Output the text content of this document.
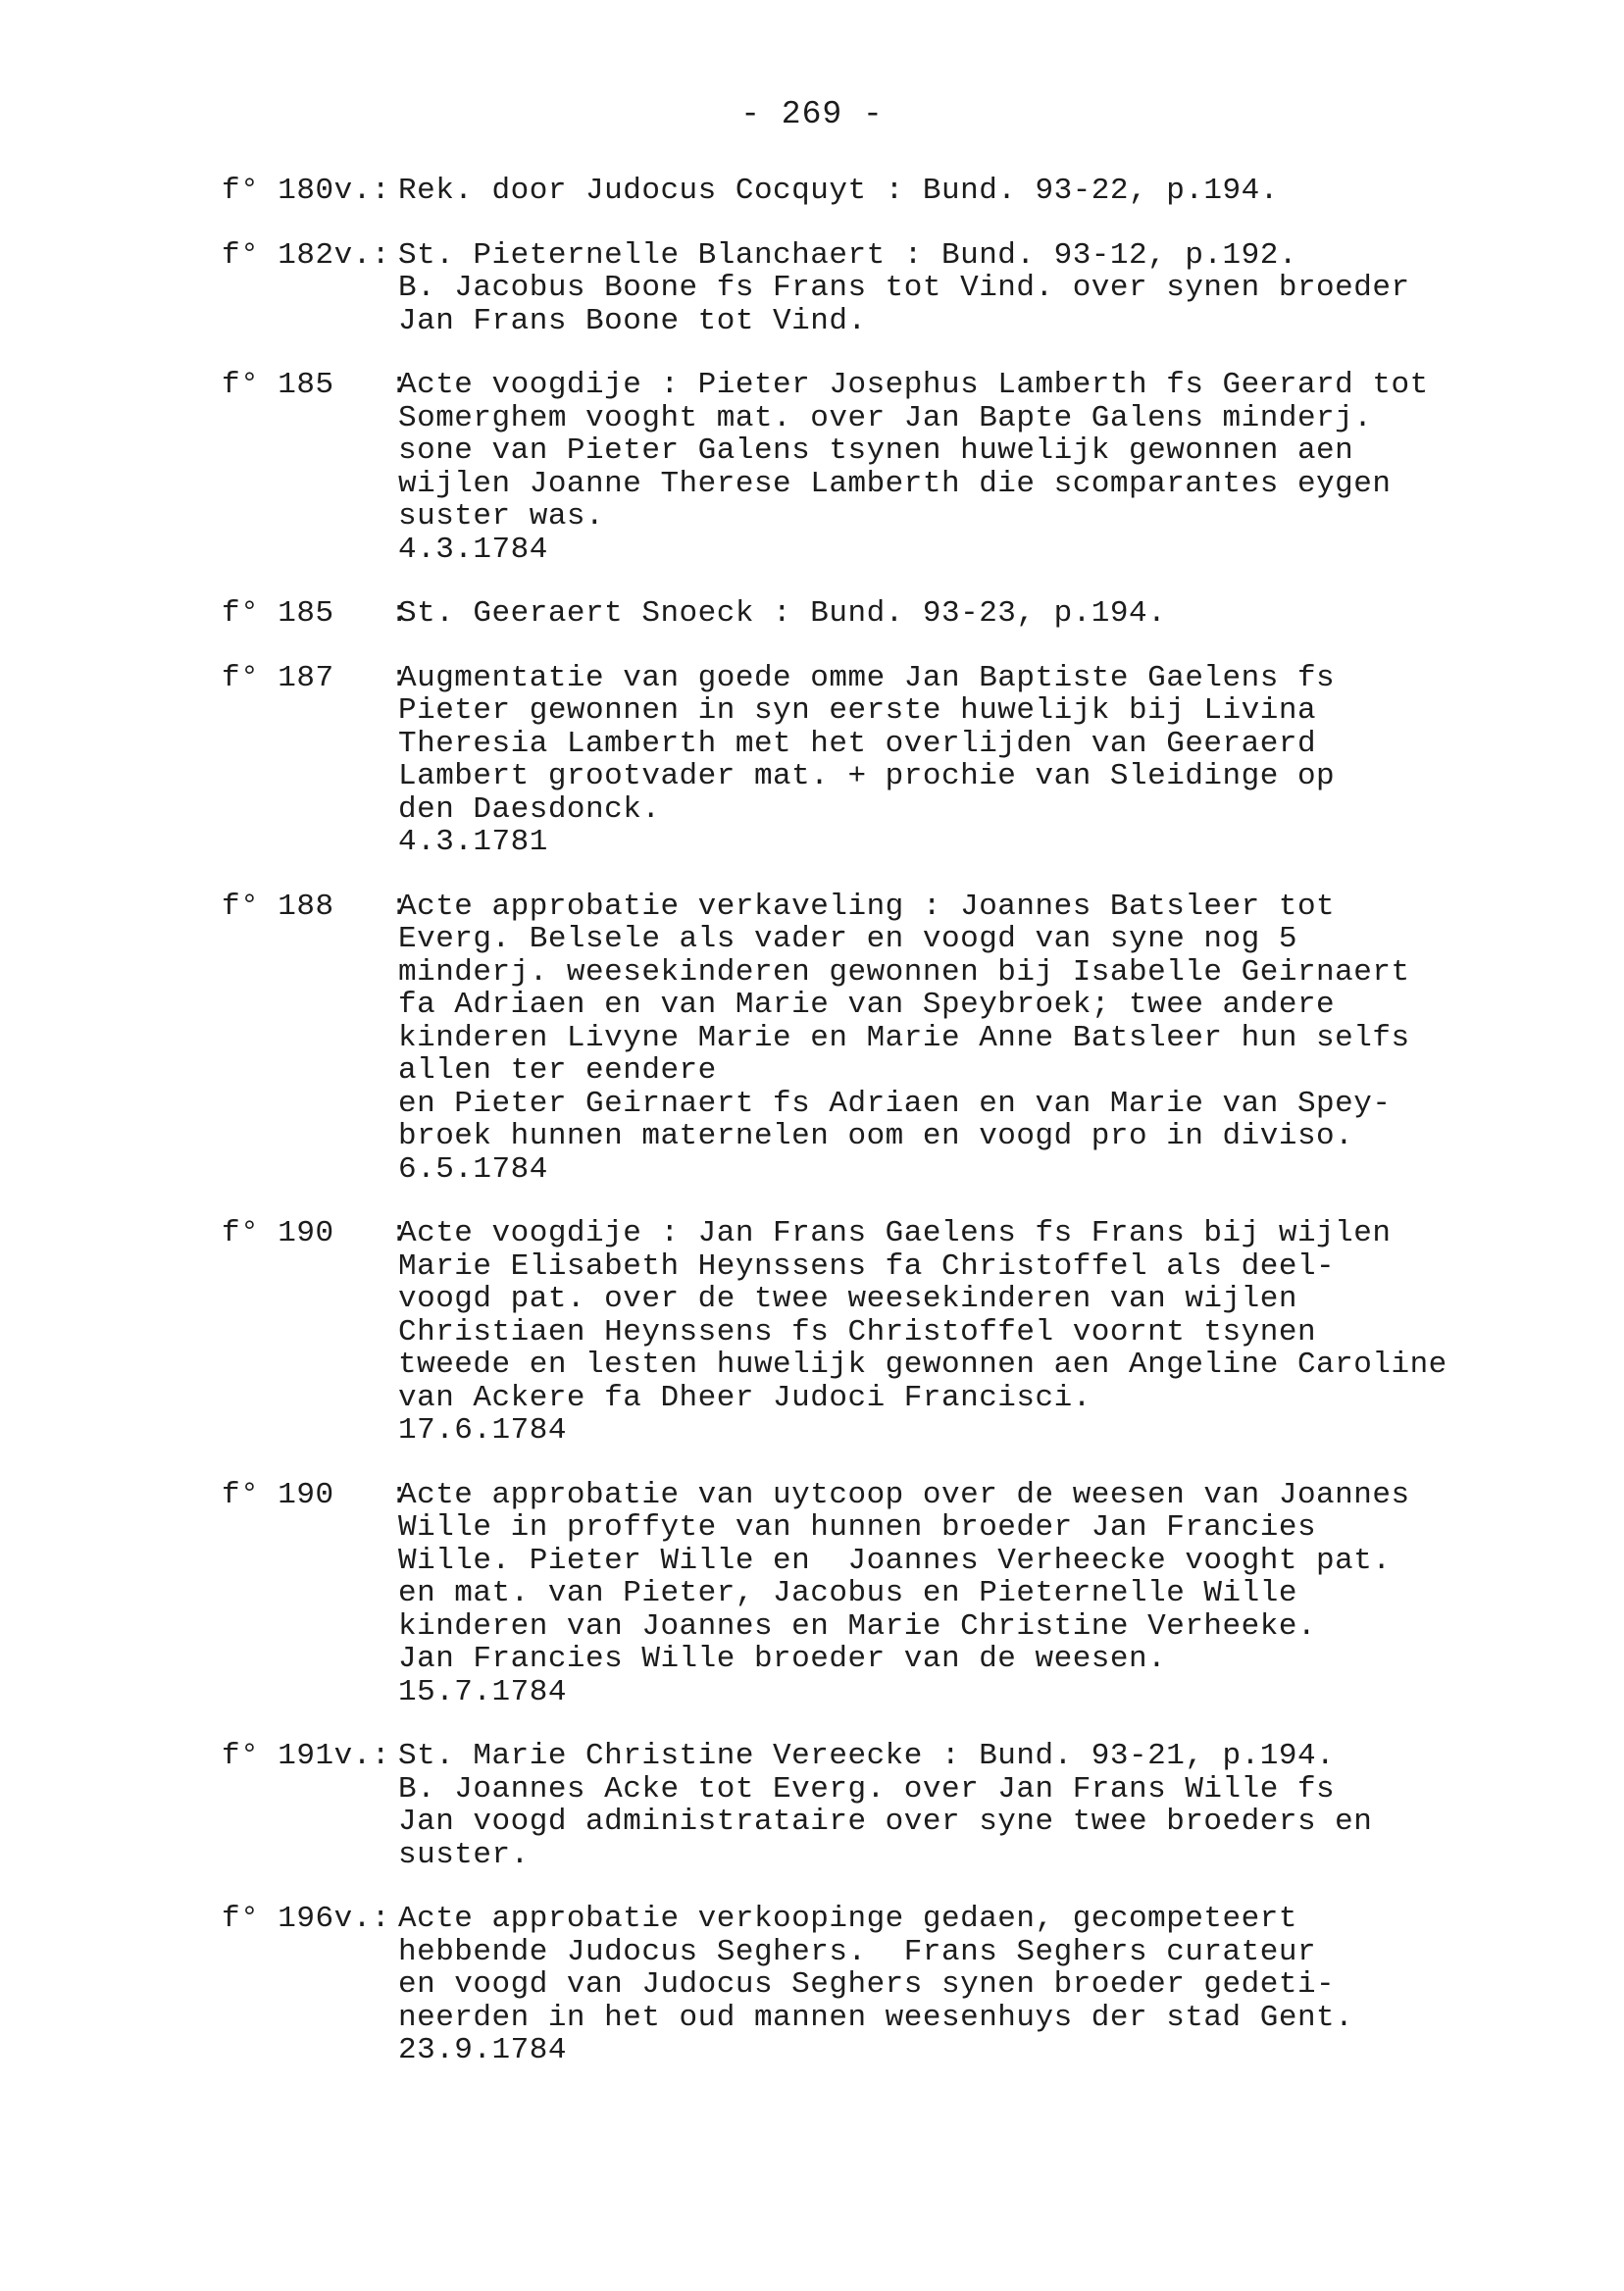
- 269 -
f° 180v.: Rek. door Judocus Cocquyt : Bund. 93-22, p.194.
f° 182v.: St. Pieternelle Blanchaert : Bund. 93-12, p.192.
B. Jacobus Boone fs Frans tot Vind. over synen broeder
Jan Frans Boone tot Vind.
f° 185   :
Acte voogdije : Pieter Josephus Lamberth fs Geerard tot
Somerghem vooght mat. over Jan Bapte Galens minderj.
sone van Pieter Galens tsynen huwelijk gewonnen aen
wijlen Joanne Therese Lamberth die scomparantes eygen
suster was.
4.3.1784
f° 185   :
St. Geeraert Snoeck : Bund. 93-23, p.194.
f° 187   :
Augmentatie van goede omme Jan Baptiste Gaelens fs
Pieter gewonnen in syn eerste huwelijk bij Livina
Theresia Lamberth met het overlijden van Geeraerd
Lambert grootvader mat. + prochie van Sleidinge op
den Daesdonck.
4.3.1781
f° 188   :
Acte approbatie verkaveling : Joannes Batsleer tot
Everg. Belsele als vader en voogd van syne nog 5
minderj. weesekinderen gewonnen bij Isabelle Geirnaert
fa Adriaen en van Marie van Speybroek; twee andere
kinderen Livyne Marie en Marie Anne Batsleer hun selfs
allen ter eendere
en Pieter Geirnaert fs Adriaen en van Marie van Spey-
broek hunnen maternelen oom en voogd pro in diviso.
6.5.1784
f° 190   :
Acte voogdije : Jan Frans Gaelens fs Frans bij wijlen
Marie Elisabeth Heynssens fa Christoffel als deel-
voogd pat. over de twee weesekinderen van wijlen
Christiaen Heynssens fs Christoffel voornt tsynen
tweede en lesten huwelijk gewonnen aen Angeline Caroline
van Ackere fa Dheer Judoci Francisci.
17.6.1784
f° 190   :
Acte approbatie van uytcoop over de weesen van Joannes
Wille in proffyte van hunnen broeder Jan Francies
Wille. Pieter Wille en  Joannes Verheecke vooght pat.
en mat. van Pieter, Jacobus en Pieternelle Wille
kinderen van Joannes en Marie Christine Verheeke.
Jan Francies Wille broeder van de weesen.
15.7.1784
f° 191v.: St. Marie Christine Vereecke : Bund. 93-21, p.194.
B. Joannes Acke tot Everg. over Jan Frans Wille fs
Jan voogd administrataire over syne twee broeders en
suster.
f° 196v.: Acte approbatie verkoopinge gedaen, gecompeteert
hebbende Judocus Seghers.  Frans Seghers curateur
en voogd van Judocus Seghers synen broeder gedeti-
neerden in het oud mannen weesenhuys der stad Gent.
23.9.1784
